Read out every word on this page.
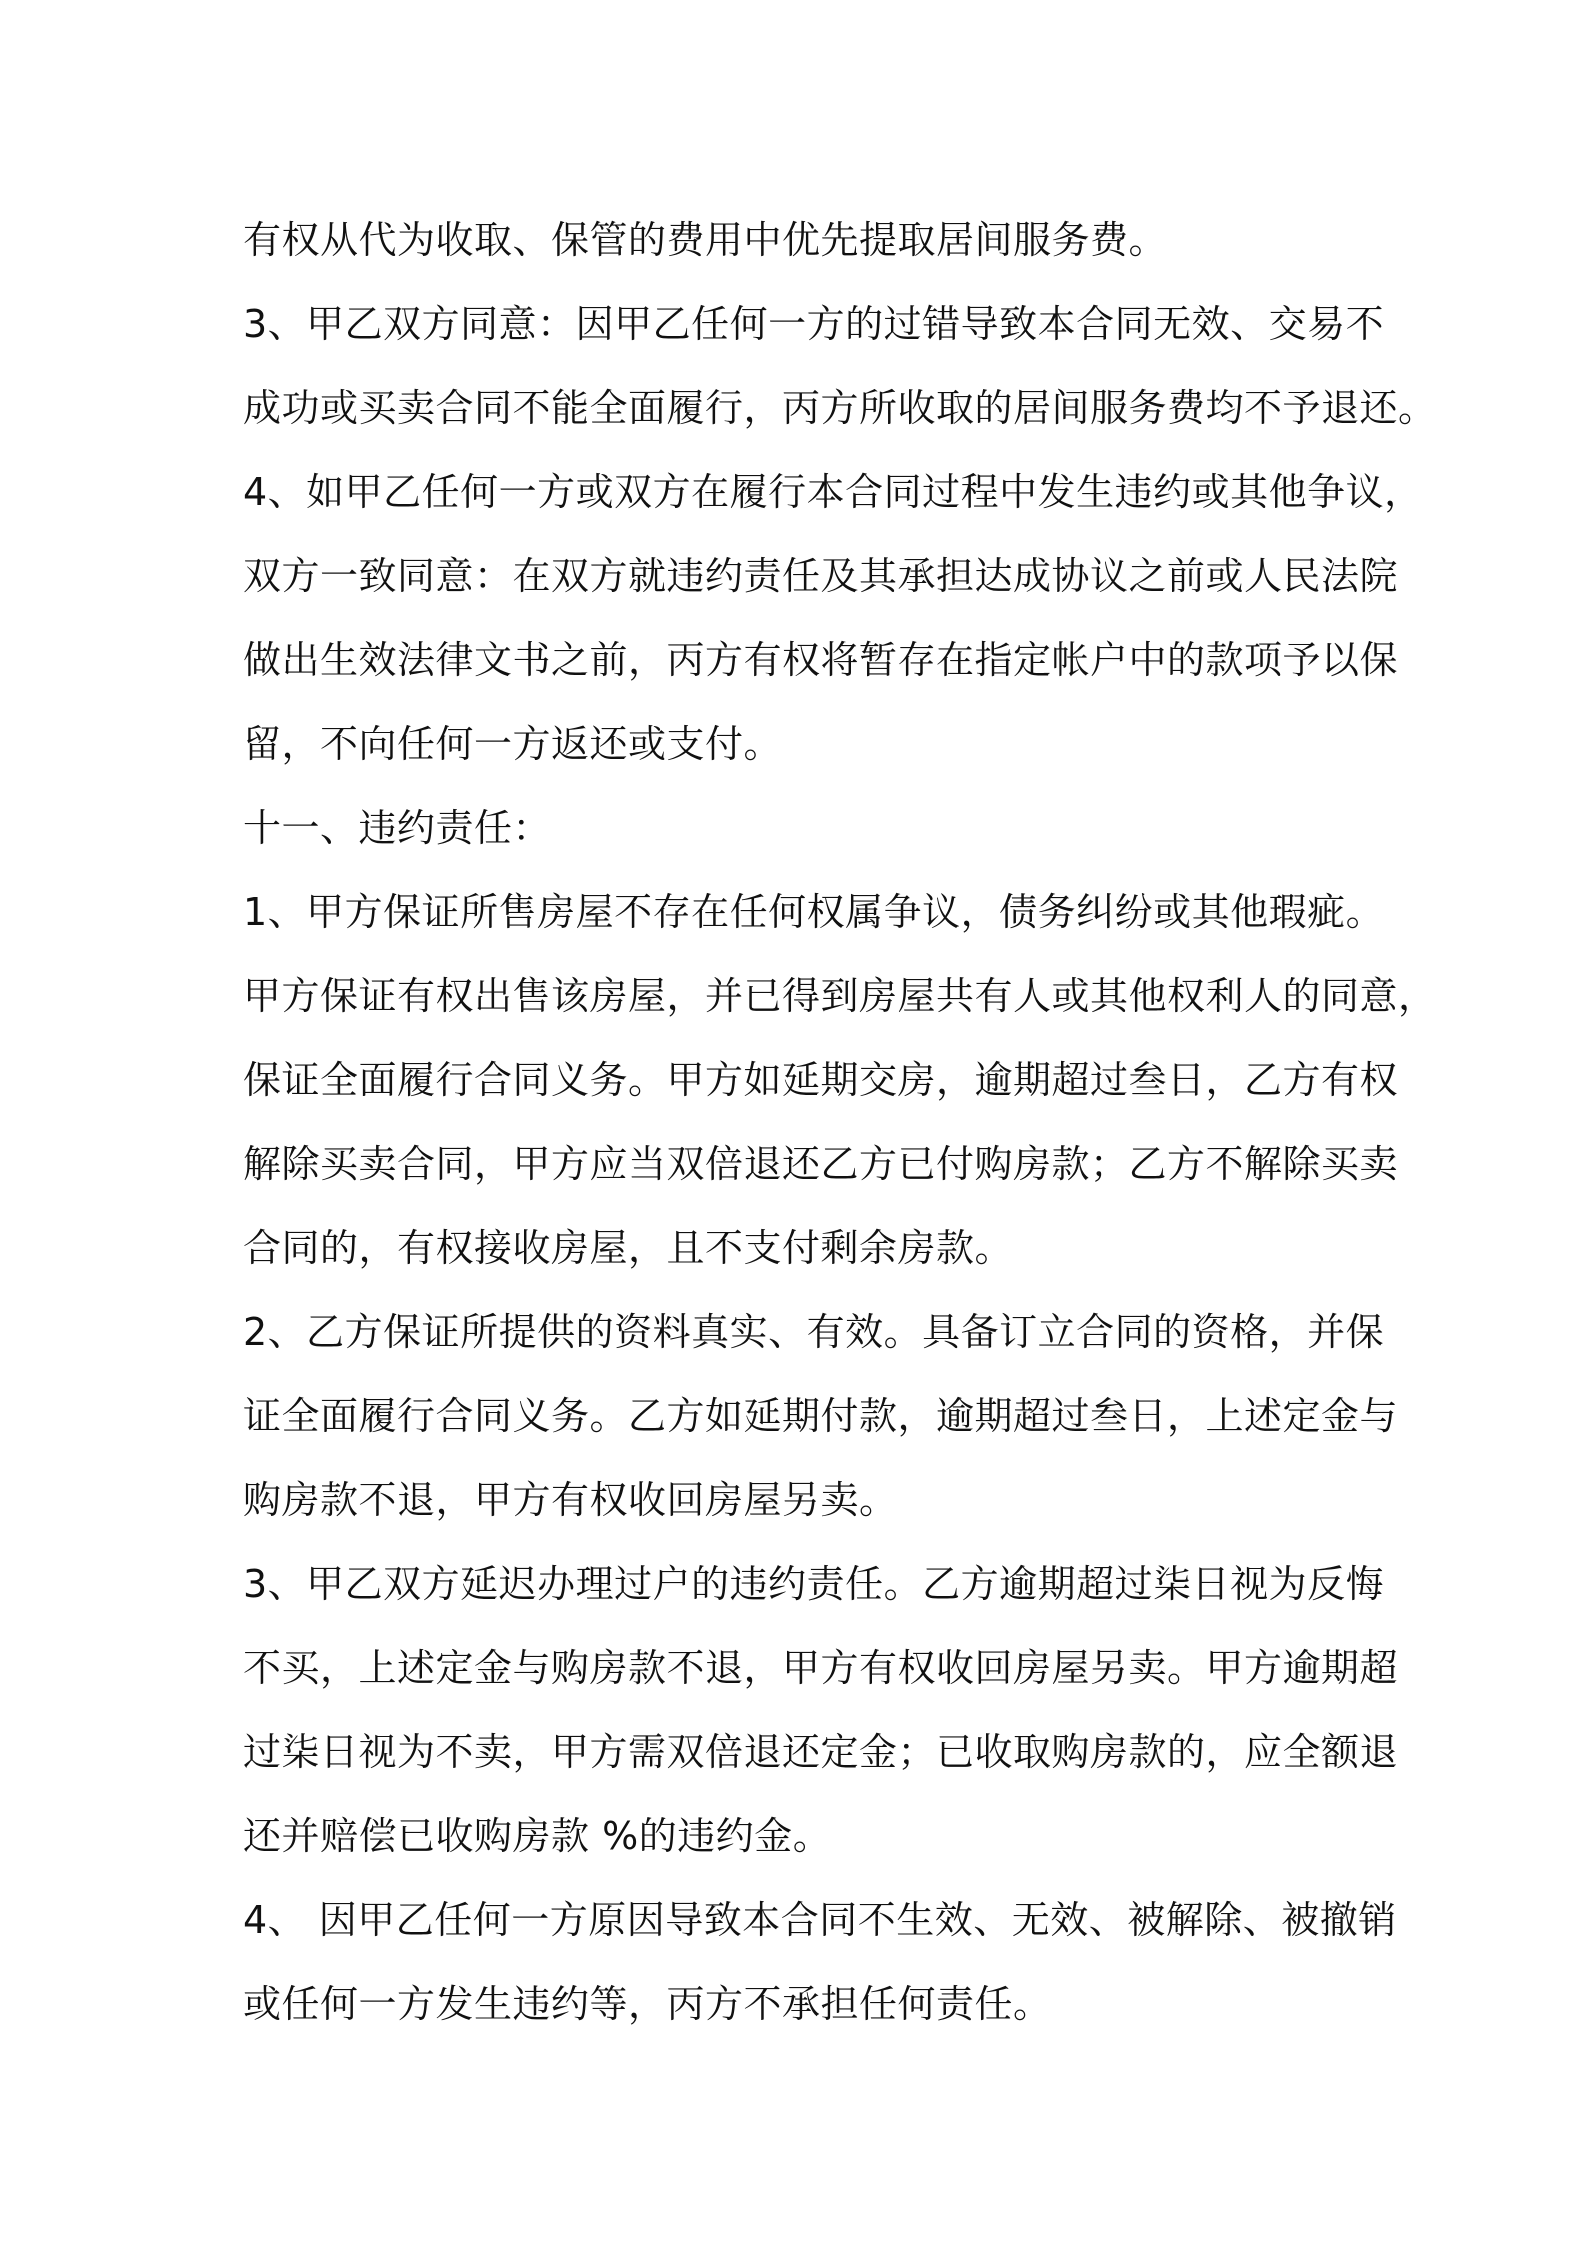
有权从代为收取、保管的费用中优先提取居间服务费。
3、甲乙双方同意：因甲乙任何一方的过错导致本合同无效、交易不
成功或买卖合同不能全面履行，丙方所收取的居间服务费均不予退还。
4、如甲乙任何一方或双方在履行本合同过程中发生违约或其他争议，
双方一致同意：在双方就违约责任及其承担达成协议之前或人民法院
做出生效法律文书之前，丙方有权将暂存在指定帐户中的款项予以保
留，不向任何一方返还或支付。
十一、违约责任：
1、甲方保证所售房屋不存在任何权属争议，债务纠纷或其他瑕疵。
甲方保证有权出售该房屋，并已得到房屋共有人或其他权利人的同意，
保证全面履行合同义务。甲方如延期交房，逾期超过叁日，乙方有权
解除买卖合同，甲方应当双倍退还乙方已付购房款；乙方不解除买卖
合同的，有权接收房屋，且不支付剩余房款。
2、乙方保证所提供的资料真实、有效。具备订立合同的资格，并保
证全面履行合同义务。乙方如延期付款，逾期超过叁日，上述定金与
购房款不退，甲方有权收回房屋另卖。
3、甲乙双方延迟办理过户的违约责任。乙方逾期超过柒日视为反悔
不买，上述定金与购房款不退，甲方有权收回房屋另卖。甲方逾期超
过柒日视为不卖，甲方需双倍退还定金；已收取购房款的，应全额退
还并赔偿已收购房款 %的违约金。
4、 因甲乙任何一方原因导致本合同不生效、无效、被解除、被撤销
或任何一方发生违约等，丙方不承担任何责任。
